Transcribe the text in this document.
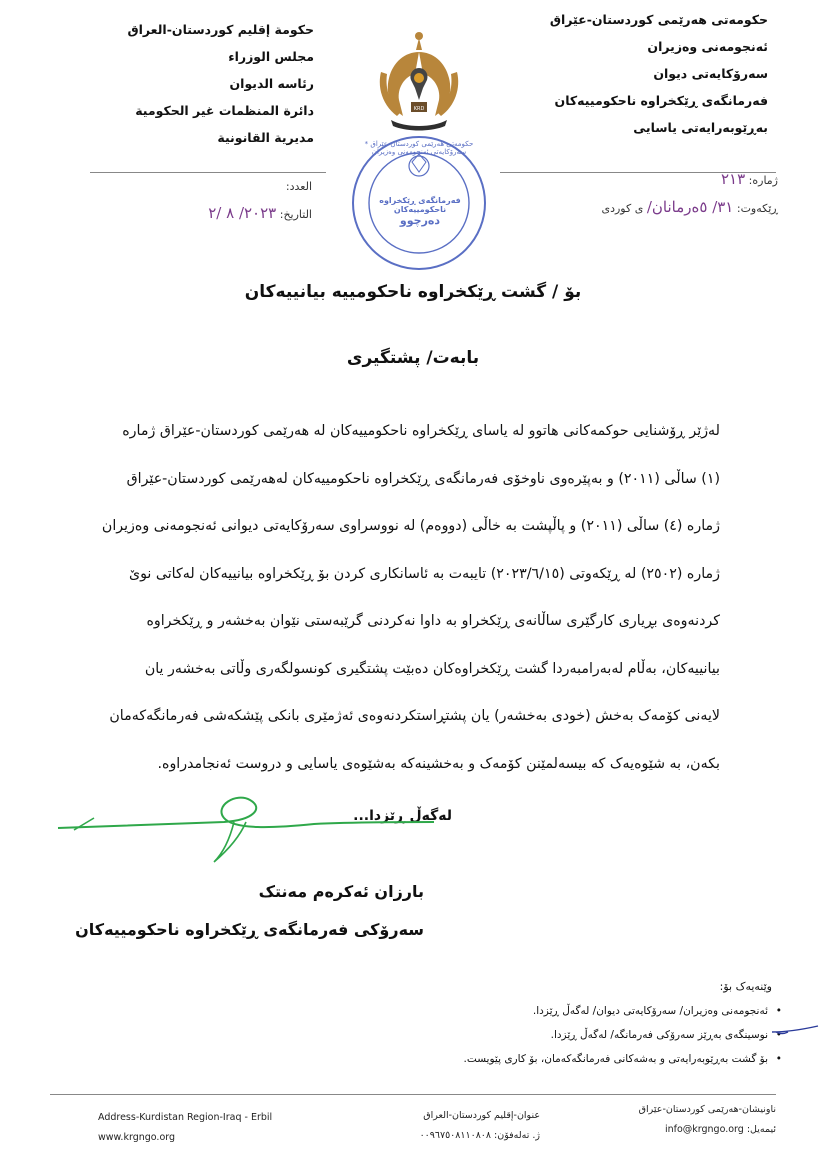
حکومەتی هەرێمی کوردستان-عێراق
ئەنجومەنی وەزیران
سەرۆکایەتی دیوان
فەرمانگەی ڕێکخراوە ناحکومییەکان
بەڕێوبەرایەتی یاسایی
حكومة إقليم كوردستان-العراق
مجلس الوزراء
رئاسە الديوان
دائرة المنظمات غير الحكومية
مديرية القانونية
KRD
فەرمانگەی ڕێکخراوە ناحکومییەکان
دەرچوو
حکومەتی هەرێمی کوردستان-عێراق * سەرۆکایەتی ئەنجومەنی وەزیران
ژمارە: ٢١٣
ڕێکەوت: ٣١/ ٥ەرمانان/ ی کوردی
العدد:
التاريخ: ٢٠٢٣/ ٨ /٢
بۆ / گشت ڕێکخراوە ناحکومییە بیانییەکان
بابەت/ پشتگیری

لەژێر ڕۆشنایی حوکمەکانی هاتوو لە یاسای ڕێکخراوە ناحکومییەکان لە هەرێمی کوردستان-عێراق ژمارە

(١) ساڵی (٢٠١١) و بەپێرەوی ناوخۆی فەرمانگەی ڕێکخراوە ناحکومییەکان لەهەرێمی کوردستان-عێراق

ژمارە (٤) ساڵی (٢٠١١) و پاڵپشت بە خاڵی (دووەم) لە نووسراوی سەرۆکایەتی دیوانی ئەنجومەنی وەزیران

ژمارە (٢٥٠٢) لە ڕێکەوتی (٢٠٢٣/٦/١٥) تایبەت بە ئاسانکاری کردن بۆ ڕێکخراوە بیانییەکان لەکاتی نوێ

کردنەوەی بڕیاری کارگێری ساڵانەی ڕێکخراو بە داوا نەکردنی گرێبەستی نێوان بەخشەر و ڕێکخراوە

بیانییەکان، بەڵام لەبەرامبەردا گشت ڕێکخراوەکان دەبێت پشتگیری کونسولگەری وڵاتی بەخشەر یان

لایەنی کۆمەک بەخش (خودی بەخشەر) یان پشتڕاستکردنەوەی ئەژمێری بانکی پێشکەشی فەرمانگەکەمان

بکەن، بە شێوەیەک کە بیسەلمێنن کۆمەک و بەخشینەکە بەشێوەی یاسایی و دروست ئەنجامدراوە.

لەگەڵ ڕێزدا...
بارزان ئەکرەم مەنتک
سەرۆکی فەرمانگەی ڕێکخراوە ناحکومییەکان
وێنەیەک بۆ:
• ئەنجومەنی وەزیران/ سەرۆکایەتی دیوان/ لەگەڵ ڕێزدا.
• نوسینگەی بەڕێز سەرۆکی فەرمانگە/ لەگەڵ ڕێزدا.
• بۆ گشت بەڕێوبەرایەتی و بەشەکانی فەرمانگەکەمان، بۆ کاری پێویست.
Address-Kurdistan Region-Iraq - Erbil
www.krgngo.org
عنوان-إقليم كوردستان-العراق
ژ. تەلەفۆن: ٠٠٩٦٧٥٠٨١١٠٨٠٨
ناونیشان-هەرێمی کوردستان-عێراق
ئیمەیل: info@krgngo.org
